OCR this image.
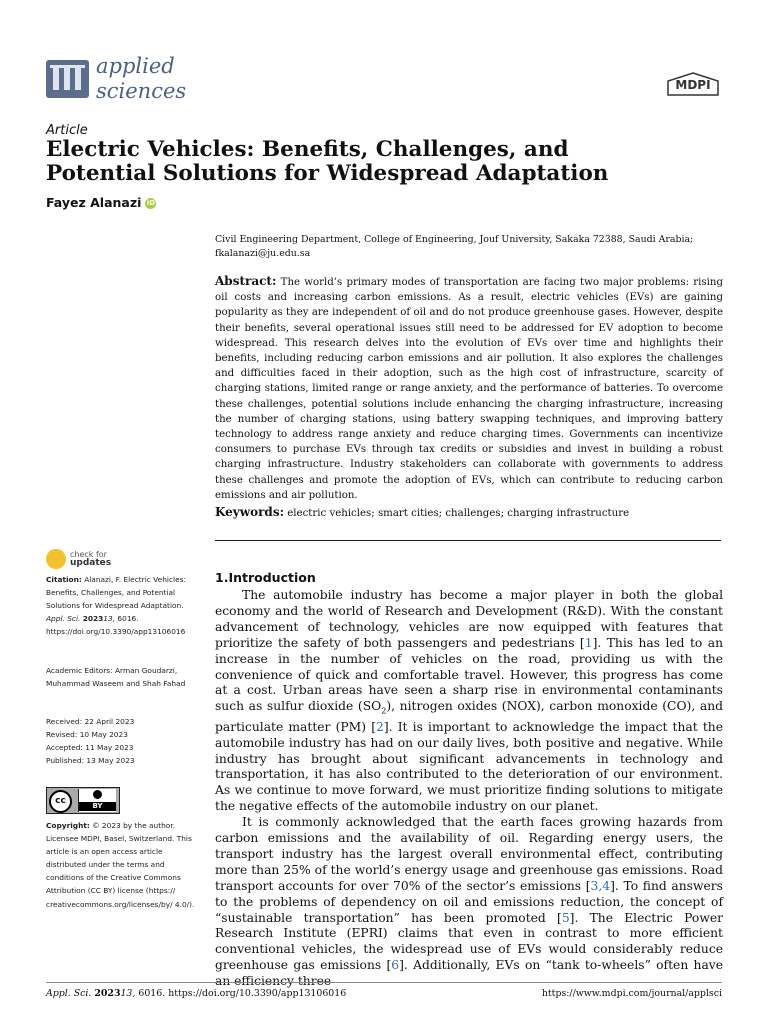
applied
sciences	MDPI
Article
Electric Vehicles: Benefits, Challenges, and
Potential Solutions for Widespread Adaptation
Fayez Alanazi iD
Civil Engineering Department, College of Engineering, Jouf University, Sakaka 72388, Saudi Arabia;
fkalanazi@ju.edu.sa
Abstract: The world’s primary modes of transportation are facing two major problems: rising oil costs and increasing carbon emissions. As a result, electric vehicles (EVs) are gaining popularity as they are independent of oil and do not produce greenhouse gases. However, despite their benefits, several operational issues still need to be addressed for EV adoption to become widespread. This research delves into the evolution of EVs over time and highlights their benefits, including reducing carbon emissions and air pollution. It also explores the challenges and difficulties faced in their adoption, such as the high cost of infrastructure, scarcity of charging stations, limited range or range anxiety, and the performance of batteries. To overcome these challenges, potential solutions include enhancing the charging infrastructure, increasing the number of charging stations, using battery swapping techniques, and improving battery technology to address range anxiety and reduce charging times. Governments can incentivize consumers to purchase EVs through tax credits or subsidies and invest in building a robust charging infrastructure. Industry stakeholders can collaborate with governments to address these challenges and promote the adoption of EVs, which can contribute to reducing carbon emissions and air pollution.
Keywords: electric vehicles; smart cities; challenges; charging infrastructure
check for
updates
Citation: Alanazi, F. Electric Vehicles: Benefits, Challenges, and Potential Solutions for Widespread Adaptation. Appl. Sci. 202313, 6016. https://doi.org/10.3390/app13106016
Academic Editors: Arman Goudarzi, Muhammad Waseem and Shah Fahad
Received: 22 April 2023
Revised: 10 May 2023
Accepted: 11 May 2023
Published: 13 May 2023
cc	BY
Copyright: © 2023 by the author. Licensee MDPI, Basel, Switzerland. This article is an open access article distributed under the terms and conditions of the Creative Commons Attribution (CC BY) license (https:// creativecommons.org/licenses/by/ 4.0/).
1.Introduction

The automobile industry has become a major player in both the global economy and the world of Research and Development (R&D). With the constant advancement of technology, vehicles are now equipped with features that prioritize the safety of both passengers and pedestrians [1]. This has led to an increase in the number of vehicles on the road, providing us with the convenience of quick and comfortable travel. However, this progress has come at a cost. Urban areas have seen a sharp rise in environmental contaminants such as sulfur dioxide $(SO_2)$, nitrogen oxides (NOX), carbon monoxide (CO), and particulate matter (PM) [2]. It is important to acknowledge the impact that the automobile industry has had on our daily lives, both positive and negative. While industry has brought about significant advancements in technology and transportation, it has also contributed to the deterioration of our environment. As we continue to move forward, we must prioritize finding solutions to mitigate the negative effects of the automobile industry on our planet.

It is commonly acknowledged that the earth faces growing hazards from carbon emissions and the availability of oil. Regarding energy users, the transport industry has the largest overall environmental effect, contributing more than 25% of the world’s energy usage and greenhouse gas emissions. Road transport accounts for over 70% of the sector’s emissions [3,4]. To find answers to the problems of dependency on oil and emissions reduction, the concept of “sustainable transportation” has been promoted [5]. The Electric Power Research Institute (EPRI) claims that even in contrast to more efficient conventional vehicles, the widespread use of EVs would considerably reduce greenhouse gas emissions [6]. Additionally, EVs on “tank to-wheels” often have

Appl. Sci. 202313, 6016. https://doi.org/10.3390/app13106016	https://www.mdpi.com/journal/applsci
